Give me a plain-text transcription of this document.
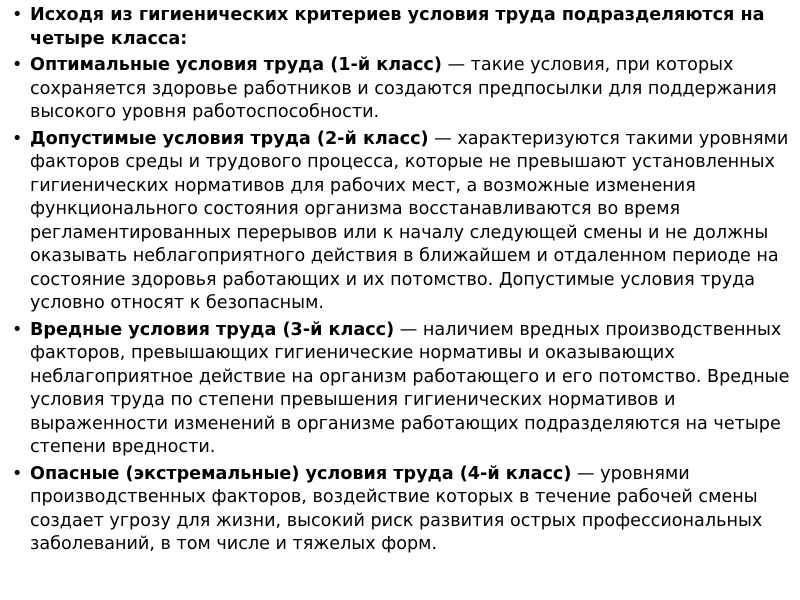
• Исходя из гигиенических критериев условия труда подразделяются на четыре класса:
• Оптимальные условия труда (1-й класс) — такие условия, при которых сохраняется здоровье работников и создаются предпосылки для поддержания высокого уровня работоспособности.
• Допустимые условия труда (2-й класс) — характеризуются такими уровнями факторов среды и трудового процесса, которые не превышают установленных гигиенических нормативов для рабочих мест, а возможные изменения функционального состояния организма восстанавливаются во время регламентированных перерывов или к началу следующей смены и не должны оказывать неблагоприятного действия в ближайшем и отдаленном периоде на состояние здоровья работающих и их потомство. Допустимые условия труда условно относят к безопасным.
• Вредные условия труда (3-й класс) — наличием вредных производственных факторов, превышающих гигиенические нормативы и оказывающих неблагоприятное действие на организм работающего и его потомство. Вредные условия труда по степени превышения гигиенических нормативов и выраженности изменений в организме работающих подразделяются на четыре степени вредности.
• Опасные (экстремальные) условия труда (4-й класс) — уровнями производственных факторов, воздействие которых в течение рабочей смены создает угрозу для жизни, высокий риск развития острых профессиональных заболеваний, в том числе и тяжелых форм.
